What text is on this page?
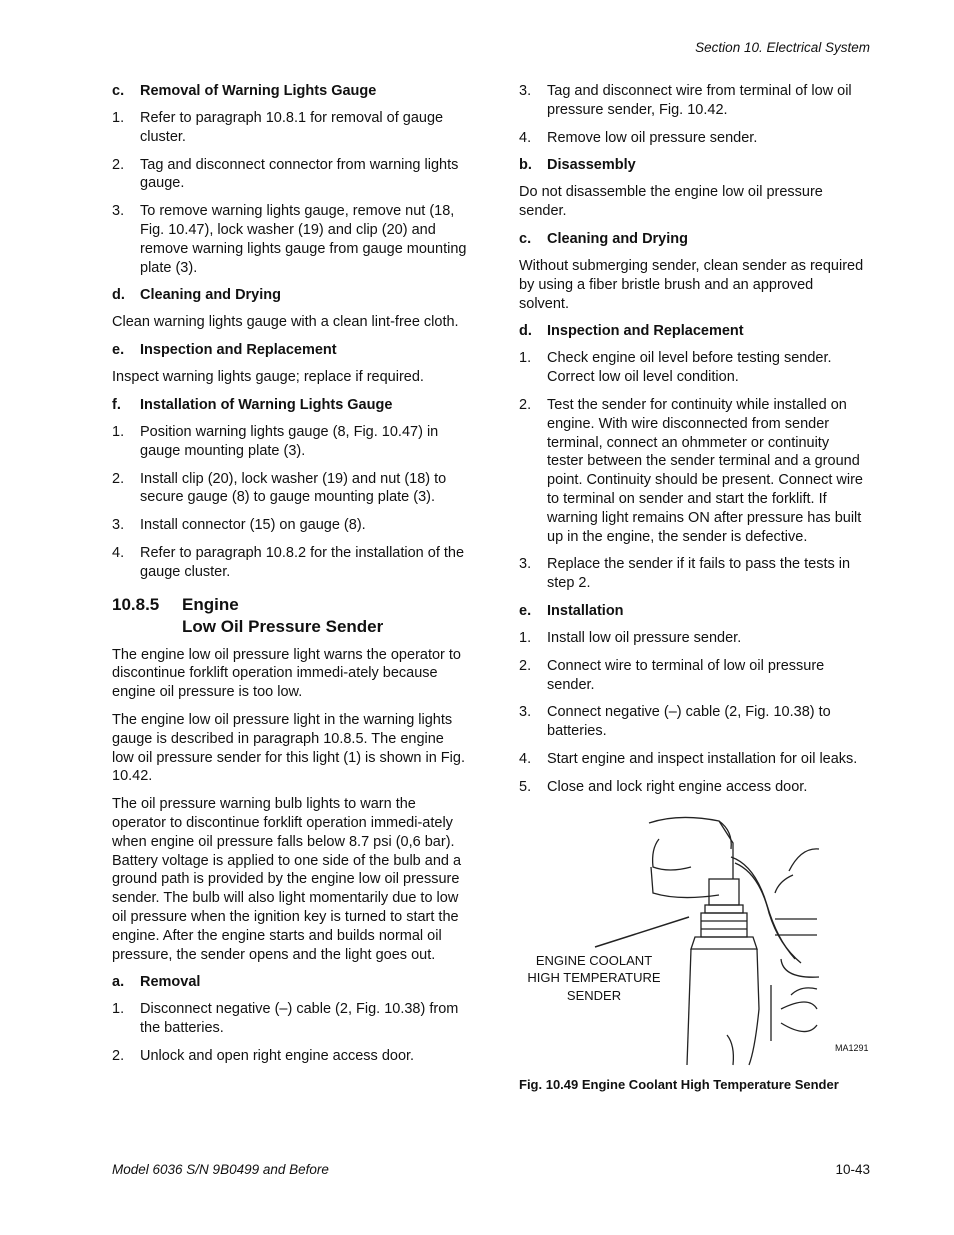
Section 10. Electrical System
c.	Removal of Warning Lights Gauge
1.	Refer to paragraph 10.8.1 for removal of gauge cluster.
2.	Tag and disconnect connector from warning lights gauge.
3.	To remove warning lights gauge, remove nut (18, Fig. 10.47), lock washer (19) and clip (20) and remove warning lights gauge from gauge mounting plate (3).
d.	Cleaning and Drying
Clean warning lights gauge with a clean lint-free cloth.
e.	Inspection and Replacement
Inspect warning lights gauge; replace if required.
f.	Installation of Warning Lights Gauge
1.	Position warning lights gauge (8, Fig. 10.47) in gauge mounting plate (3).
2.	Install clip (20), lock washer (19) and nut (18) to secure gauge (8) to gauge mounting plate (3).
3.	Install connector (15) on gauge (8).
4.	Refer to paragraph 10.8.2 for the installation of the gauge cluster.
10.8.5	Engine
Low Oil Pressure Sender
The engine low oil pressure light warns the operator to discontinue forklift operation immedi-ately because engine oil pressure is too low.
The engine low oil pressure light in the warning lights gauge is described in paragraph 10.8.5. The engine low oil pressure sender for this light (1) is shown in Fig. 10.42.
The oil pressure warning bulb lights to warn the operator to discontinue forklift operation immedi-ately when engine oil pressure falls below 8.7 psi (0,6 bar). Battery voltage is applied to one side of the bulb and a ground path is provided by the engine low oil pressure sender. The bulb will also light momentarily due to low oil pressure when the ignition key is turned to start the engine. After the engine starts and builds normal oil pressure, the sender opens and the light goes out.
a.	Removal
1.	Disconnect negative (–) cable (2, Fig. 10.38) from the batteries.
2.	Unlock and open right engine access door.
3.	Tag and disconnect wire from terminal of low oil pressure sender, Fig. 10.42.
4.	Remove low oil pressure sender.
b.	Disassembly
Do not disassemble the engine low oil pressure sender.
c.	Cleaning and Drying
Without submerging sender, clean sender as required by using a fiber bristle brush and an approved solvent.
d.	Inspection and Replacement
1.	Check engine oil level before testing sender. Correct low oil level condition.
2.	Test the sender for continuity while installed on engine. With wire disconnected from sender terminal, connect an ohmmeter or continuity tester between the sender terminal and a ground point. Continuity should be present. Connect wire to terminal on sender and start the forklift. If warning light remains ON after pressure has built up in the engine, the sender is defective.
3.	Replace the sender if it fails to pass the tests in step 2.
e.	Installation
1.	Install low oil pressure sender.
2.	Connect wire to terminal of low oil pressure sender.
3.	Connect negative (–) cable (2, Fig. 10.38) to batteries.
4.	Start engine and inspect installation for oil leaks.
5.	Close and lock right engine access door.
ENGINE COOLANT
HIGH TEMPERATURE
SENDER
MA1291
Fig. 10.49 Engine Coolant High Temperature Sender
Model 6036 S/N 9B0499 and Before	10-43
